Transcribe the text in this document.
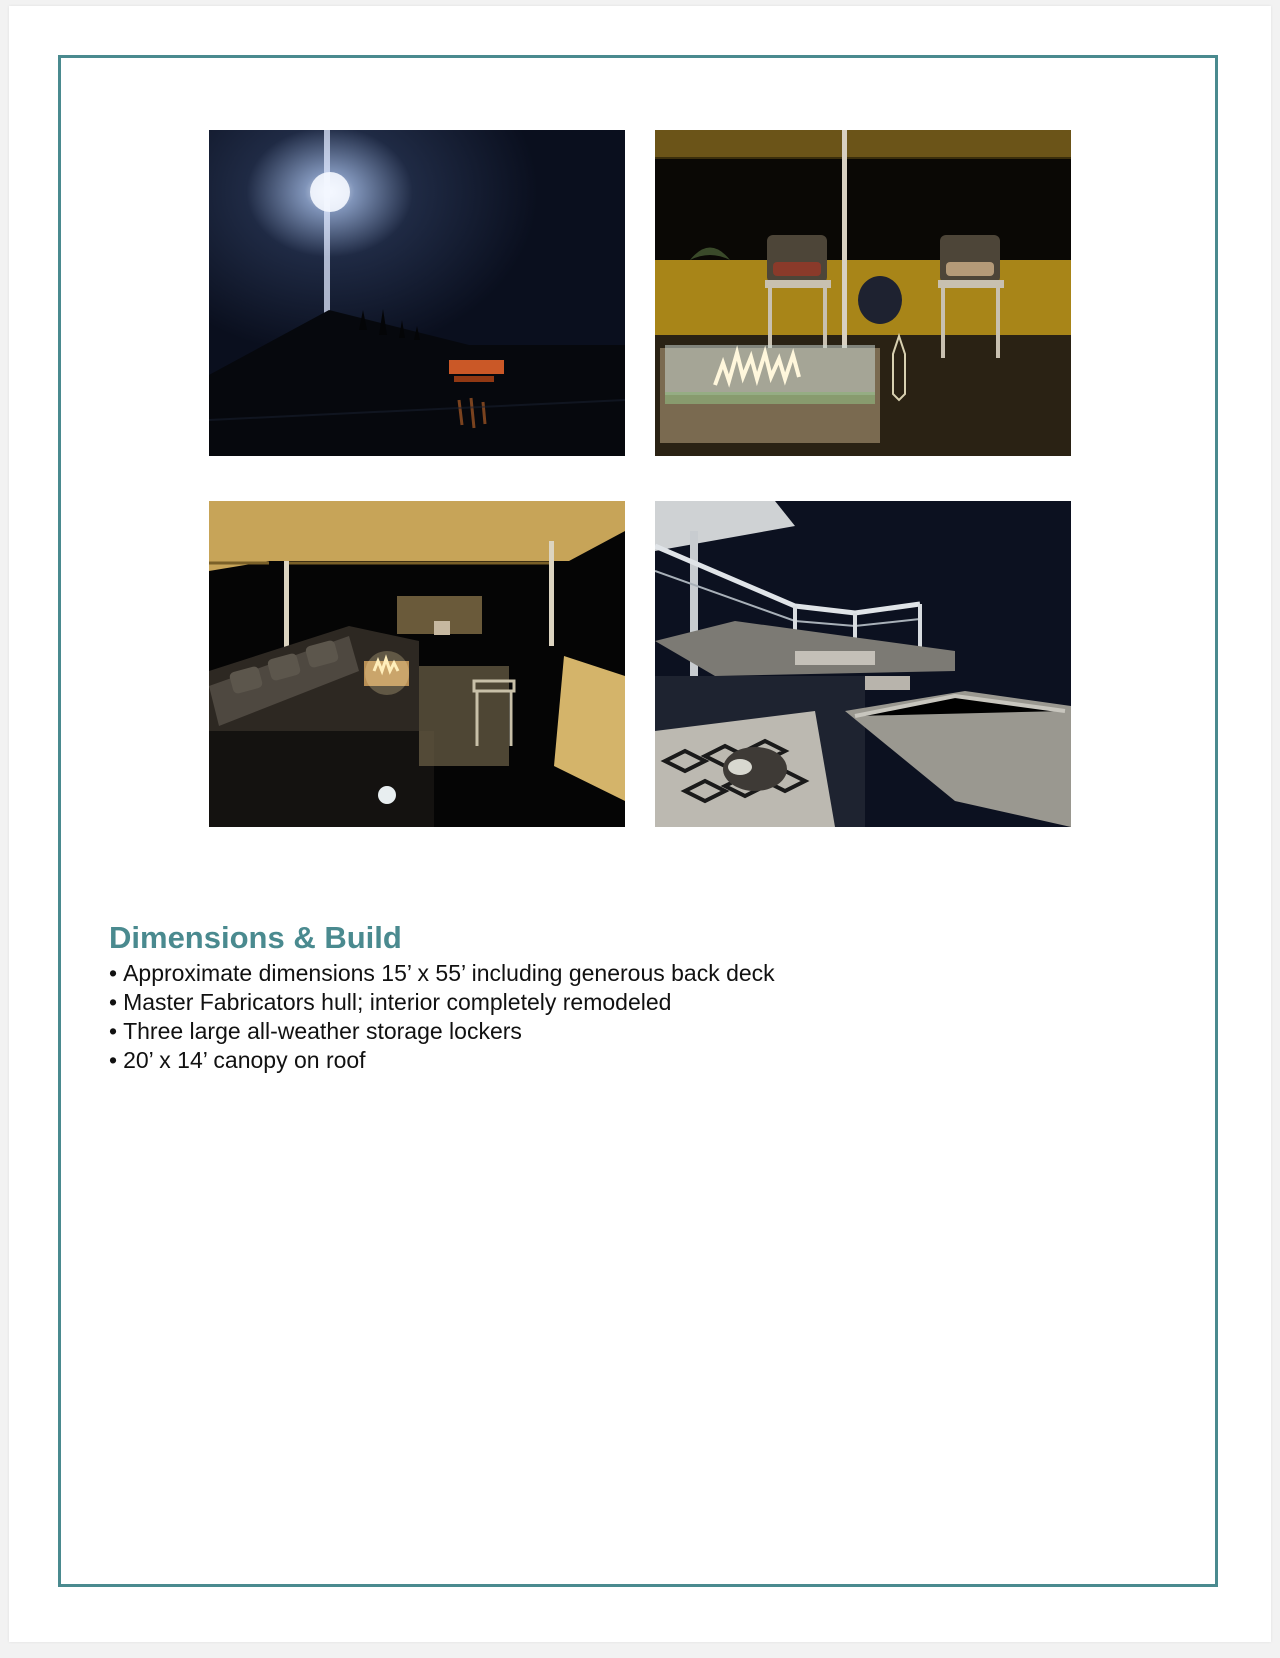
Dimensions & Build
• Approximate dimensions 15’ x 55’ including generous back deck
• Master Fabricators hull; interior completely remodeled
• Three large all-weather storage lockers
• 20’ x 14’ canopy on roof
